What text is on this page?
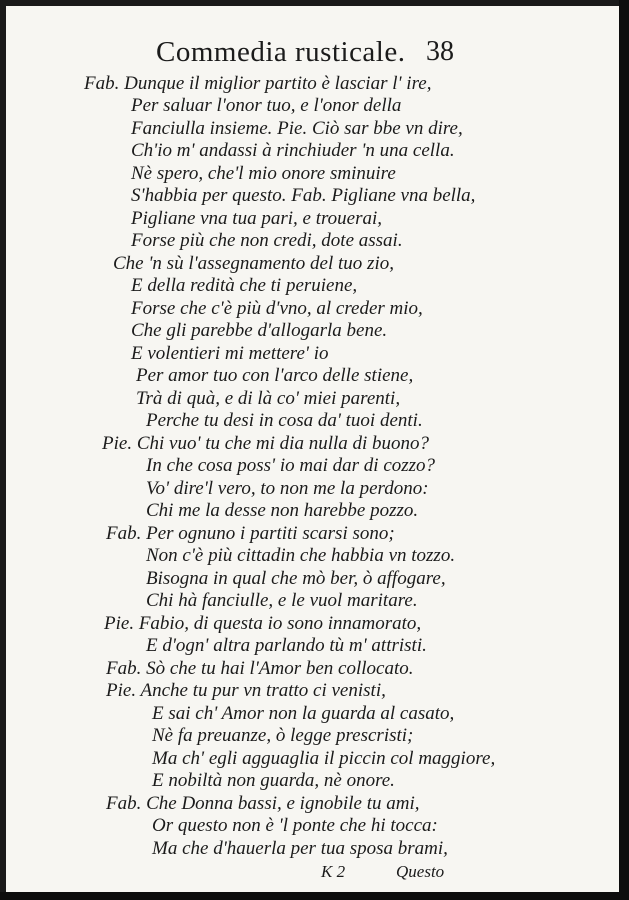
Commedia rusticale. 38
Fab. Dunque il miglior partito è lasciar l' ire,
Per saluar l'onor tuo, e l'onor della
Fanciulla insieme. Pie. Ciò sar bbe vn dire,
Ch'io m' andassi à rinchiuder 'n una cella.
Nè spero, che'l mio onore sminuire
S'habbia per questo. Fab. Pigliane vna bella,
Pigliane vna tua pari, e trouerai,
Forse più che non credi, dote assai.
Che 'n sù l'assegnamento del tuo zio,
E della redità che ti peruiene,
Forse che c'è più d'vno, al creder mio,
Che gli parebbe d'allogarla bene.
E volentieri mi mettere' io
Per amor tuo con l'arco delle stiene,
Trà di quà, e di là co' miei parenti,
Perche tu desi in cosa da' tuoi denti.
Pie. Chi vuo' tu che mi dia nulla di buono?
In che cosa poss' io mai dar di cozzo?
Vo' dire'l vero, to non me la perdono:
Chi me la desse non harebbe pozzo.
Fab. Per ognuno i partiti scarsi sono;
Non c'è più cittadin che habbia vn tozzo.
Bisogna in qual che mò ber, ò affogare,
Chi hà fanciulle, e le vuol maritare.
Pie. Fabio, di questa io sono innamorato,
E d'ogn' altra parlando tù m' attristi.
Fab. Sò che tu hai l'Amor ben collocato.
Pie. Anche tu pur vn tratto ci venisti,
E sai ch' Amor non la guarda al casato,
Nè fa preuanze, ò legge prescristi;
Ma ch' egli agguaglia il piccin col maggiore,
E nobiltà non guarda, nè onore.
Fab. Che Donna bassi, e ignobile tu ami,
Or questo non è 'l ponte che hi tocca:
Ma che d'hauerla per tua sposa brami,
K 2	Questo
